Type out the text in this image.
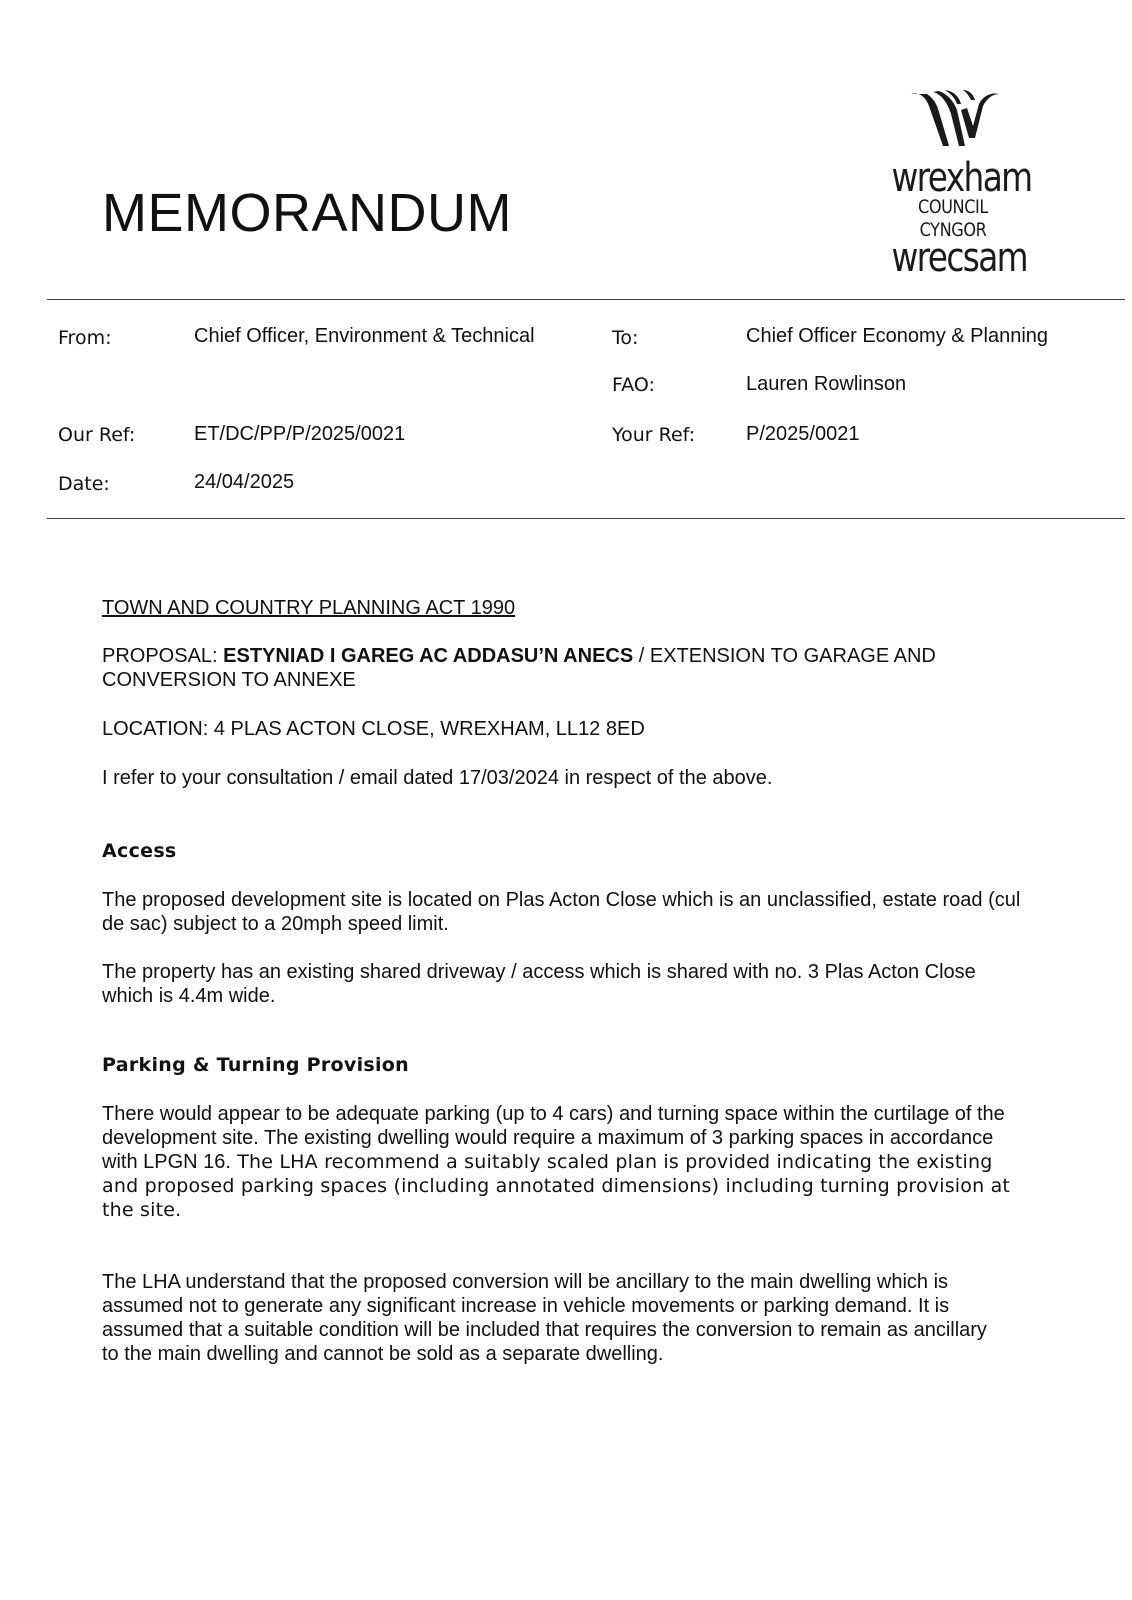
MEMORANDUM
wrexham
COUNCIL
CYNGOR
wrecsam
From:	Chief Officer, Environment & Technical	To:	Chief Officer Economy & Planning
FAO:	Lauren Rowlinson
Our Ref:	ET/DC/PP/P/2025/0021	Your Ref:	P/2025/0021
Date:	24/04/2025

TOWN AND COUNTRY PLANNING ACT 1990

PROPOSAL: ESTYNIAD I GAREG AC ADDASU’N ANECS / EXTENSION TO GARAGE AND CONVERSION TO ANNEXE

LOCATION: 4 PLAS ACTON CLOSE, WREXHAM, LL12 8ED

I refer to your consultation / email dated 17/03/2024 in respect of the above.

Access

The proposed development site is located on Plas Acton Close which is an unclassified, estate road (cul de sac) subject to a 20mph speed limit.

The property has an existing shared driveway / access which is shared with no. 3 Plas Acton Close which is 4.4m wide.

Parking & Turning Provision

There would appear to be adequate parking (up to 4 cars) and turning space within the curtilage of the development site. The existing dwelling would require a maximum of 3 parking spaces in accordance with LPGN 16. The LHA recommend a suitably scaled plan is provided indicating the existing and proposed parking spaces (including annotated dimensions) including turning provision at the site.

The LHA understand that the proposed conversion will be ancillary to the main dwelling which is assumed not to generate any significant increase in vehicle movements or parking demand. It is assumed that a suitable condition will be included that requires the conversion to remain as ancillary to the main dwelling and cannot be sold as a separate dwelling.
